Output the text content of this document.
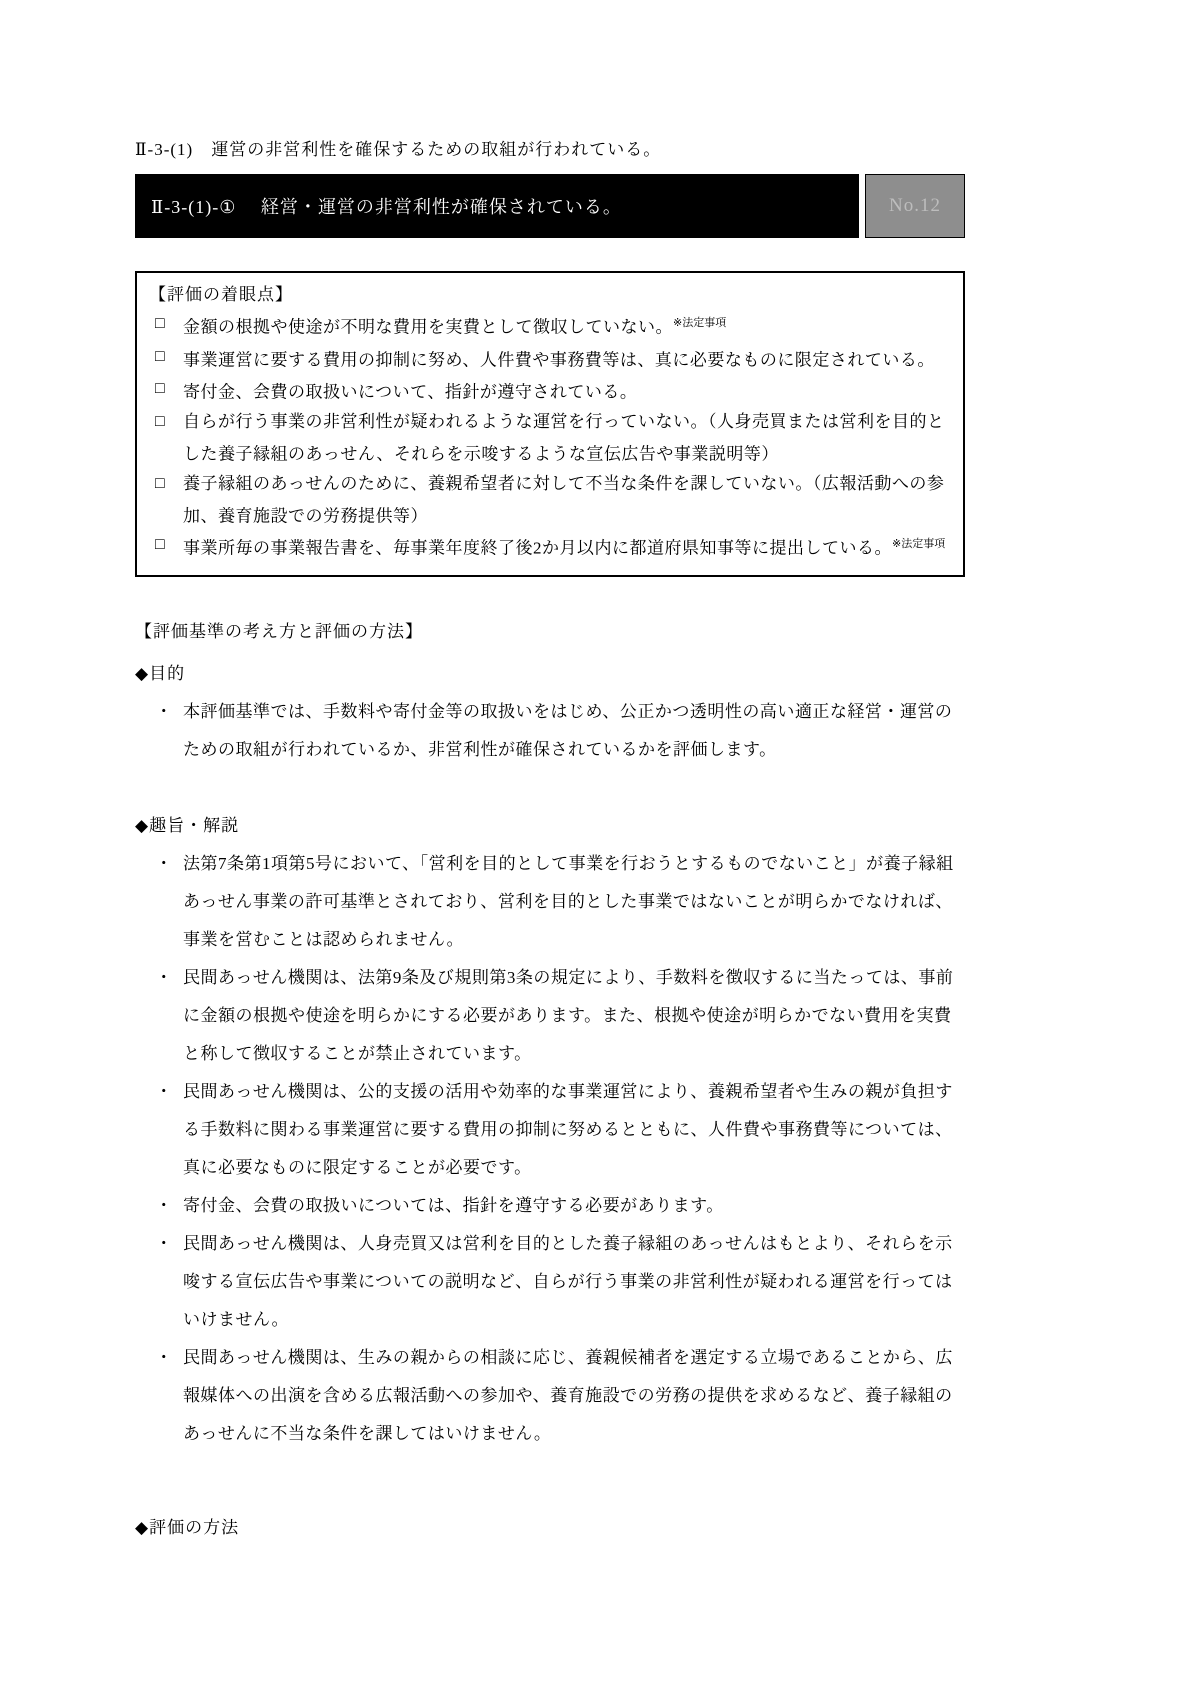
Ⅱ-3-(1)　運営の非営利性を確保するための取組が行われている。
Ⅱ-3-(1)-①　 経営・運営の非営利性が確保されている。	No.12
【評価の着眼点】
□	金額の根拠や使途が不明な費用を実費として徴収していない。$^{※法定事項}$
□	事業運営に要する費用の抑制に努め、人件費や事務費等は、真に必要なものに限定されている。
□	寄付金、会費の取扱いについて、指針が遵守されている。
□	自らが行う事業の非営利性が疑われるような運営を行っていない。（人身売買または営利を目的とした養子縁組のあっせん、それらを示唆するような宣伝広告や事業説明等）
□	養子縁組のあっせんのために、養親希望者に対して不当な条件を課していない。（広報活動への参加、養育施設での労務提供等）
□	事業所毎の事業報告書を、毎事業年度終了後2か月以内に都道府県知事等に提出している。$^{※法定事項}$
【評価基準の考え方と評価の方法】
◆目的
・ 本評価基準では、手数料や寄付金等の取扱いをはじめ、公正かつ透明性の高い適正な経営・運営のための取組が行われているか、非営利性が確保されているかを評価します。
◆趣旨・解説
・ 法第7条第1項第5号において、「営利を目的として事業を行おうとするものでないこと」が養子縁組あっせん事業の許可基準とされており、営利を目的とした事業ではないことが明らかでなければ、事業を営むことは認められません。
・ 民間あっせん機関は、法第9条及び規則第3条の規定により、手数料を徴収するに当たっては、事前に金額の根拠や使途を明らかにする必要があります。また、根拠や使途が明らかでない費用を実費と称して徴収することが禁止されています。
・ 民間あっせん機関は、公的支援の活用や効率的な事業運営により、養親希望者や生みの親が負担する手数料に関わる事業運営に要する費用の抑制に努めるとともに、人件費や事務費等については、真に必要なものに限定することが必要です。
・ 寄付金、会費の取扱いについては、指針を遵守する必要があります。
・ 民間あっせん機関は、人身売買又は営利を目的とした養子縁組のあっせんはもとより、それらを示唆する宣伝広告や事業についての説明など、自らが行う事業の非営利性が疑われる運営を行ってはいけません。
・ 民間あっせん機関は、生みの親からの相談に応じ、養親候補者を選定する立場であることから、広報媒体への出演を含める広報活動への参加や、養育施設での労務の提供を求めるなど、養子縁組のあっせんに不当な条件を課してはいけません。
◆評価の方法
